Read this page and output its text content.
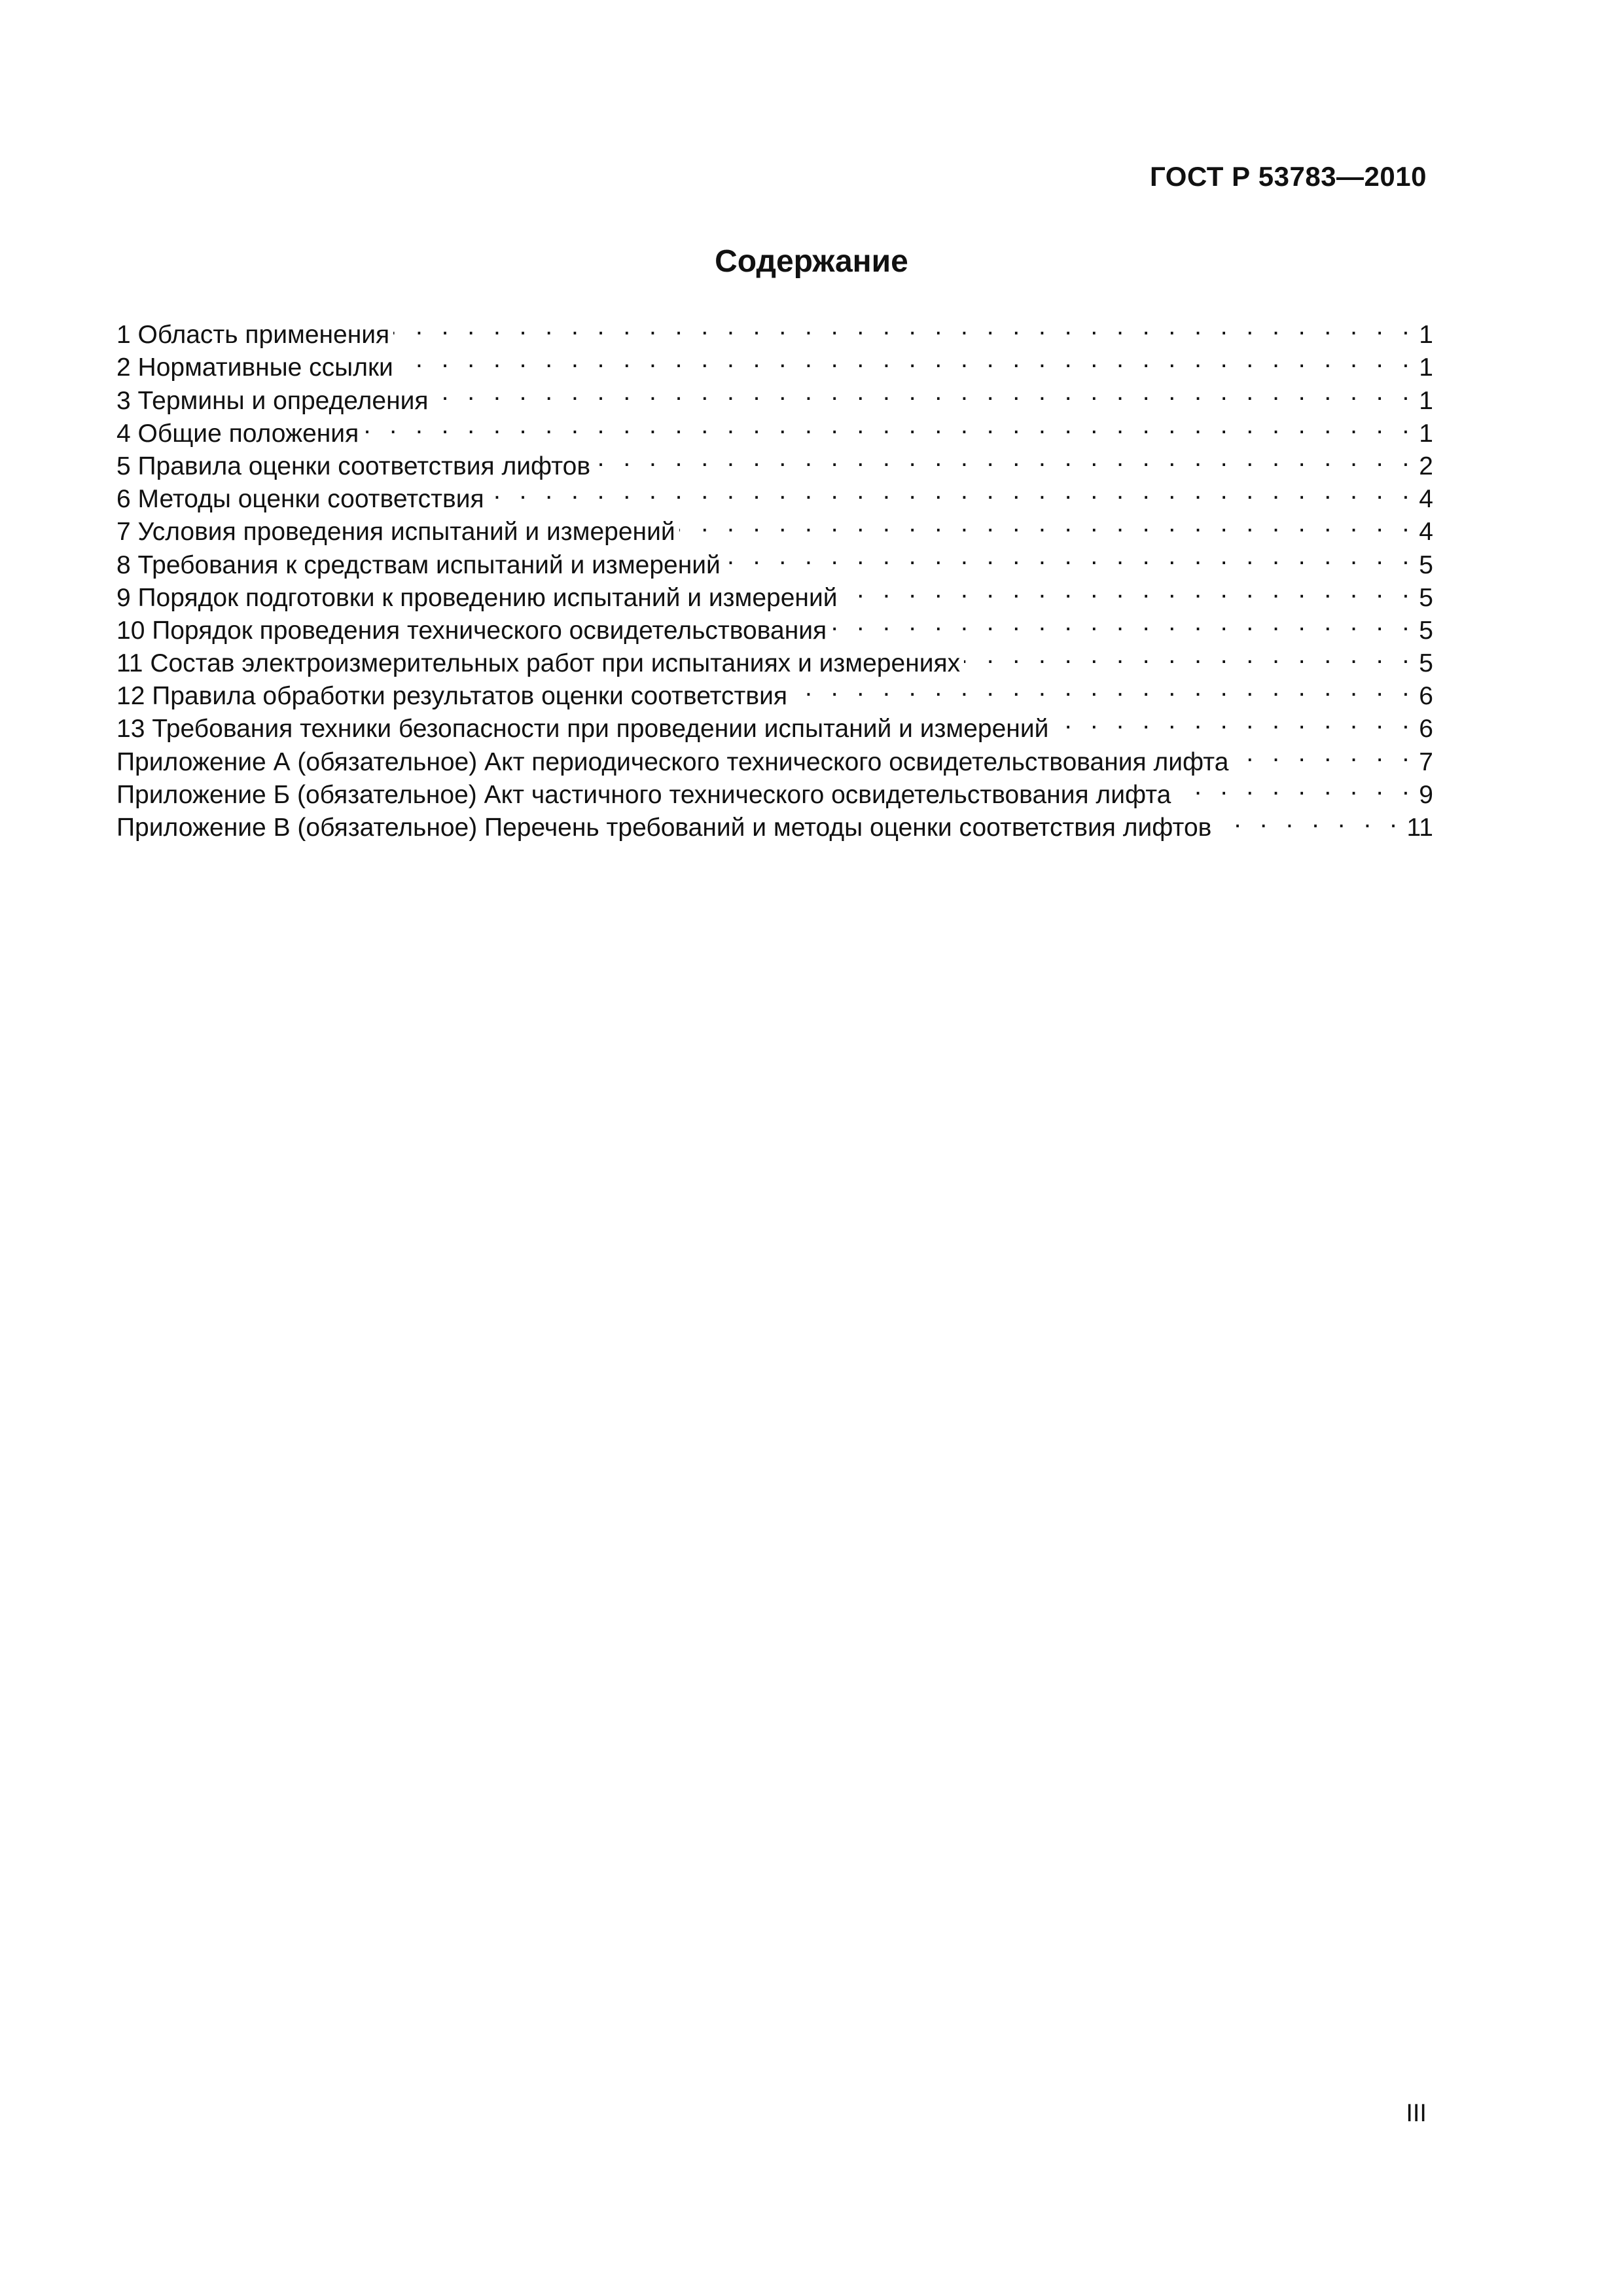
ГОСТ Р 53783—2010
Содержание
1 Область применения . . .	1
2 Нормативные ссылки . . .	1
3 Термины и определения . . .	1
4 Общие положения . . .	1
5 Правила оценки соответствия лифтов . . .	2
6 Методы оценки соответствия . . .	4
7 Условия проведения испытаний и измерений . . .	4
8 Требования к средствам испытаний и измерений . . .	5
9 Порядок подготовки к проведению испытаний и измерений . . .	5
10 Порядок проведения технического освидетельствования . . .	5
11 Состав электроизмерительных работ при испытаниях и измерениях . . .	5
12 Правила обработки результатов оценки соответствия . . .	6
13 Требования техники безопасности при проведении испытаний и измерений . . .	6
Приложение А (обязательное) Акт периодического технического освидетельствования лифта . . .	7
Приложение Б (обязательное) Акт частичного технического освидетельствования лифта . . .	9
Приложение В (обязательное) Перечень требований и методы оценки соответствия лифтов . . .	11
III
